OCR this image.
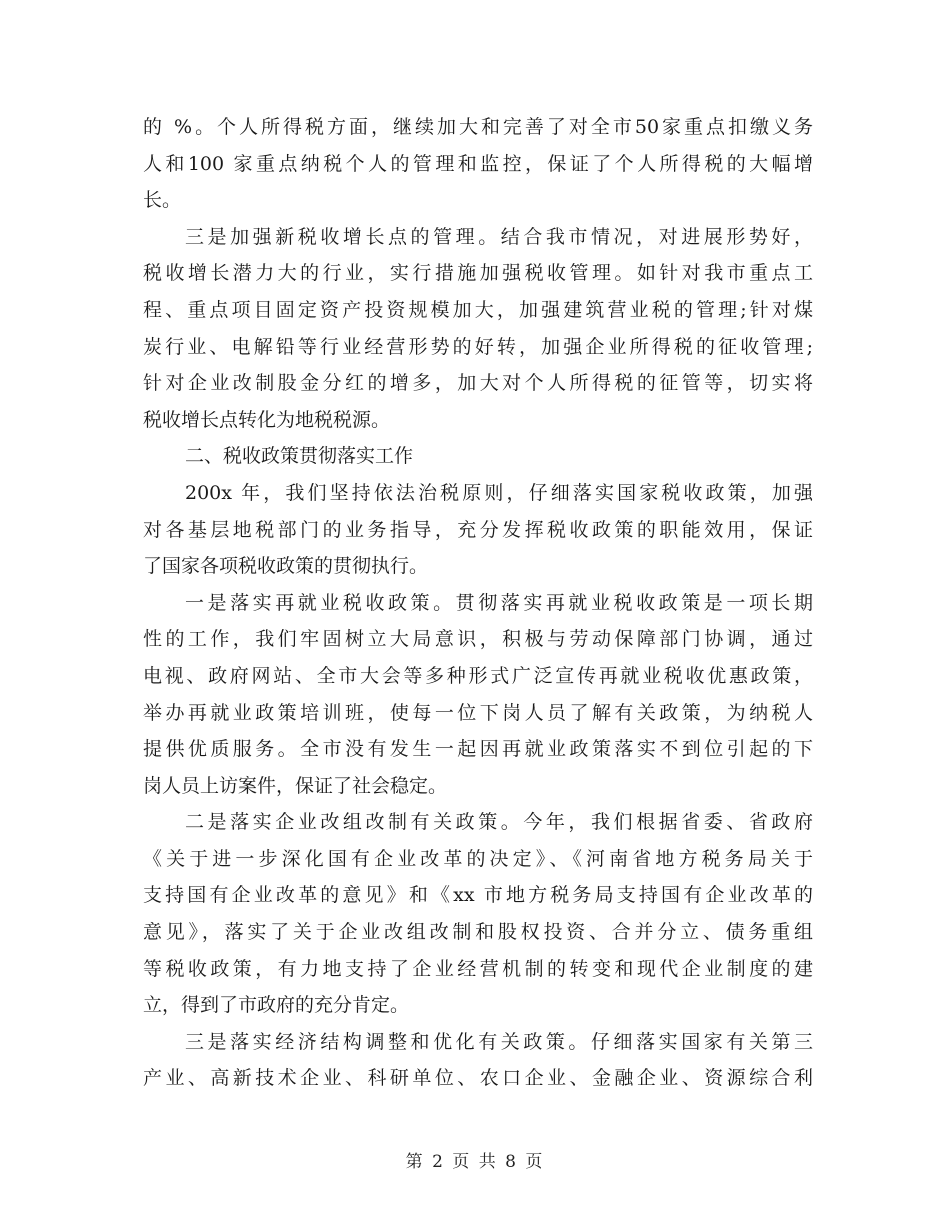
的 %。个人所得税方面，继续加大和完善了对全市50家重点扣缴义务
人和100 家重点纳税个人的管理和监控，保证了个人所得税的大幅增
长。
三是加强新税收增长点的管理。结合我市情况，对进展形势好，
税收增长潜力大的行业，实行措施加强税收管理。如针对我市重点工
程、重点项目固定资产投资规模加大，加强建筑营业税的管理;针对煤
炭行业、电解铅等行业经营形势的好转，加强企业所得税的征收管理;
针对企业改制股金分红的增多，加大对个人所得税的征管等，切实将
税收增长点转化为地税税源。
二、税收政策贯彻落实工作
200x 年，我们坚持依法治税原则，仔细落实国家税收政策，加强
对各基层地税部门的业务指导，充分发挥税收政策的职能效用，保证
了国家各项税收政策的贯彻执行。
一是落实再就业税收政策。贯彻落实再就业税收政策是一项长期
性的工作，我们牢固树立大局意识，积极与劳动保障部门协调，通过
电视、政府网站、全市大会等多种形式广泛宣传再就业税收优惠政策，
举办再就业政策培训班，使每一位下岗人员了解有关政策，为纳税人
提供优质服务。全市没有发生一起因再就业政策落实不到位引起的下
岗人员上访案件，保证了社会稳定。
二是落实企业改组改制有关政策。今年，我们根据省委、省政府
《关于进一步深化国有企业改革的决定》、《河南省地方税务局关于
支持国有企业改革的意见》和《xx 市地方税务局支持国有企业改革的
意见》，落实了关于企业改组改制和股权投资、合并分立、债务重组
等税收政策，有力地支持了企业经营机制的转变和现代企业制度的建
立，得到了市政府的充分肯定。
三是落实经济结构调整和优化有关政策。仔细落实国家有关第三
产业、高新技术企业、科研单位、农口企业、金融企业、资源综合利
第 2 页 共 8 页
